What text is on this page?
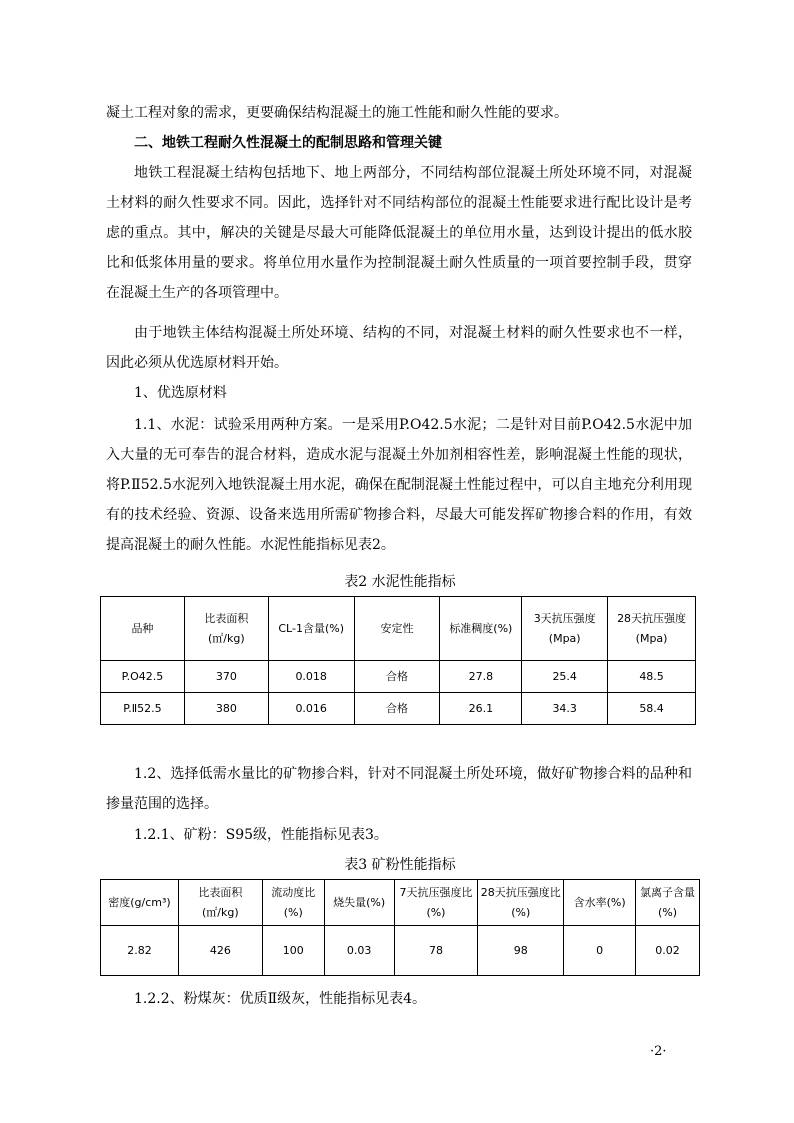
凝土工程对象的需求，更要确保结构混凝土的施工性能和耐久性能的要求。

二、地铁工程耐久性混凝土的配制思路和管理关键

地铁工程混凝土结构包括地下、地上两部分，不同结构部位混凝土所处环境不同，对混凝土材料的耐久性要求不同。因此，选择针对不同结构部位的混凝土性能要求进行配比设计是考虑的重点。其中，解决的关键是尽最大可能降低混凝土的单位用水量，达到设计提出的低水胶比和低浆体用量的要求。将单位用水量作为控制混凝土耐久性质量的一项首要控制手段，贯穿在混凝土生产的各项管理中。

由于地铁主体结构混凝土所处环境、结构的不同，对混凝土材料的耐久性要求也不一样，因此必须从优选原材料开始。

1、优选原材料

1.1、水泥：试验采用两种方案。一是采用P.O42.5水泥；二是针对目前P.O42.5水泥中加入大量的无可奉告的混合材料，造成水泥与混凝土外加剂相容性差，影响混凝土性能的现状，将P.Ⅱ52.5水泥列入地铁混凝土用水泥，确保在配制混凝土性能过程中，可以自主地充分利用现有的技术经验、资源、设备来选用所需矿物掺合料，尽最大可能发挥矿物掺合料的作用，有效提高混凝土的耐久性能。水泥性能指标见表2。

表2 水泥性能指标

品种	比表面积(㎡/kg)	CL-1含量(%)	安定性	标准稠度(%)	3天抗压强度(Mpa)	28天抗压强度(Mpa)
P.O42.5	370	0.018	合格	27.8	25.4	48.5
P.Ⅱ52.5	380	0.016	合格	26.1	34.3	58.4

1.2、选择低需水量比的矿物掺合料，针对不同混凝土所处环境，做好矿物掺合料的品种和掺量范围的选择。

1.2.1、矿粉：S95级，性能指标见表3。

表3 矿粉性能指标

密度(g/cm³)	比表面积(㎡/kg)	流动度比(%)	烧失量(%)	7天抗压强度比(%)	28天抗压强度比(%)	含水率(%)	氯离子含量(%)
2.82	426	100	0.03	78	98	0	0.02

1.2.2、粉煤灰：优质Ⅱ级灰，性能指标见表4。

·2·
